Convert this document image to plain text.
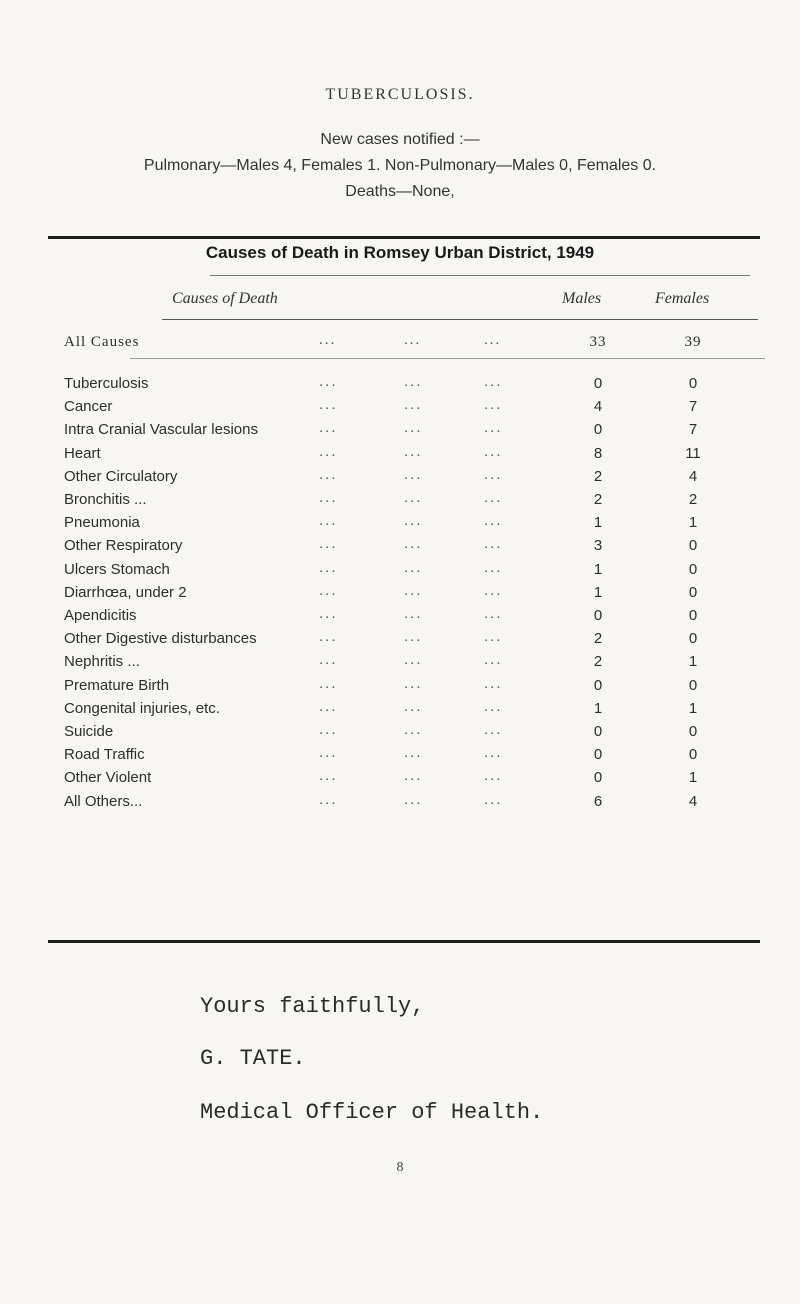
TUBERCULOSIS.
New cases notified :—
Pulmonary—Males 4, Females 1. Non-Pulmonary—Males 0, Females 0.
Deaths—None,
Causes of Death in Romsey Urban District, 1949
Causes of Death	Males	Females
All Causes	...	...	...	33	39
Tuberculosis	...	...	...	0	0
Cancer	...	...	...	4	7
Intra Cranial Vascular lesions	...	...	...	0	7
Heart	...	...	...	8	11
Other Circulatory	...	...	...	2	4
Bronchitis ...	...	...	...	2	2
Pneumonia	...	...	...	1	1
Other Respiratory	...	...	...	3	0
Ulcers Stomach	...	...	...	1	0
Diarrhœa, under 2	...	...	...	1	0
Apendicitis	...	...	...	0	0
Other Digestive disturbances	...	...	...	2	0
Nephritis ...	...	...	...	2	1
Premature Birth	...	...	...	0	0
Congenital injuries, etc.	...	...	...	1	1
Suicide	...	...	...	0	0
Road Traffic	...	...	...	0	0
Other Violent	...	...	...	0	1
All Others...	...	...	...	6	4
Yours faithfully,
G. TATE.
Medical Officer of Health.
8
